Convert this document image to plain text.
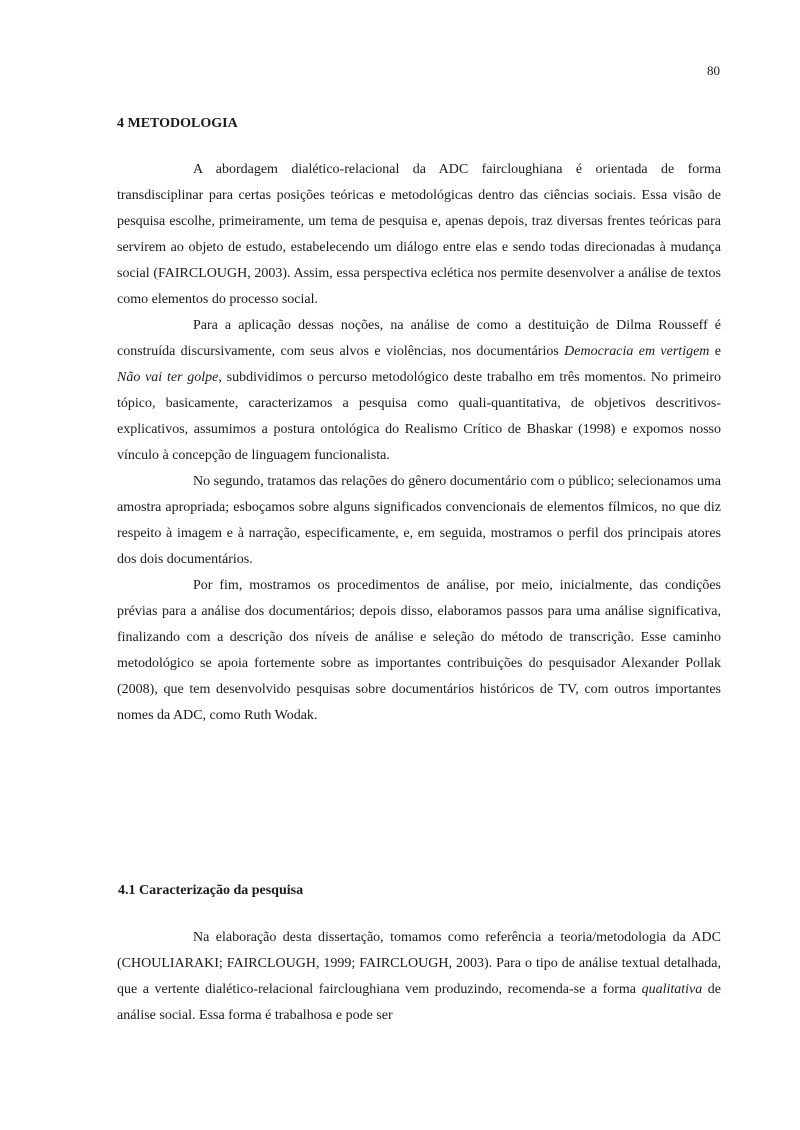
80
4 METODOLOGIA

A abordagem dialético-relacional da ADC faircloughiana é orientada de forma transdisciplinar para certas posições teóricas e metodológicas dentro das ciências sociais. Essa visão de pesquisa escolhe, primeiramente, um tema de pesquisa e, apenas depois, traz diversas frentes teóricas para servirem ao objeto de estudo, estabelecendo um diálogo entre elas e sendo todas direcionadas à mudança social (FAIRCLOUGH, 2003). Assim, essa perspectiva eclética nos permite desenvolver a análise de textos como elementos do processo social.

Para a aplicação dessas noções, na análise de como a destituição de Dilma Rousseff é construída discursivamente, com seus alvos e violências, nos documentários Democracia em vertigem e Não vai ter golpe, subdividimos o percurso metodológico deste trabalho em três momentos. No primeiro tópico, basicamente, caracterizamos a pesquisa como quali-quantitativa, de objetivos descritivos-explicativos, assumimos a postura ontológica do Realismo Crítico de Bhaskar (1998) e expomos nosso vínculo à concepção de linguagem funcionalista.

No segundo, tratamos das relações do gênero documentário com o público; selecionamos uma amostra apropriada; esboçamos sobre alguns significados convencionais de elementos fílmicos, no que diz respeito à imagem e à narração, especificamente, e, em seguida, mostramos o perfil dos principais atores dos dois documentários.

Por fim, mostramos os procedimentos de análise, por meio, inicialmente, das condições prévias para a análise dos documentários; depois disso, elaboramos passos para uma análise significativa, finalizando com a descrição dos níveis de análise e seleção do método de transcrição. Esse caminho metodológico se apoia fortemente sobre as importantes contribuições do pesquisador Alexander Pollak (2008), que tem desenvolvido pesquisas sobre documentários históricos de TV, com outros importantes nomes da ADC, como Ruth Wodak.

4.1 Caracterização da pesquisa

Na elaboração desta dissertação, tomamos como referência a teoria/metodologia da ADC (CHOULIARAKI; FAIRCLOUGH, 1999; FAIRCLOUGH, 2003). Para o tipo de análise textual detalhada, que a vertente dialético-relacional faircloughiana vem produzindo, recomenda-se a forma qualitativa de análise social. Essa forma é trabalhosa e pode ser
